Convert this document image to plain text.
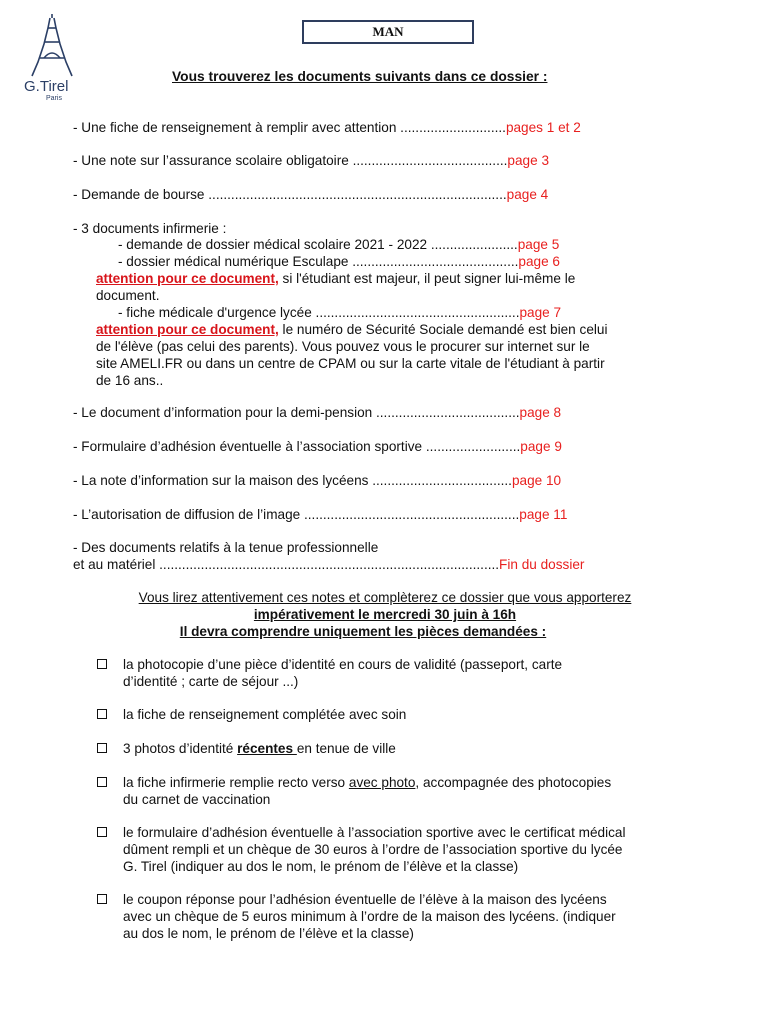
G.Tirel
Paris
MAN
Vous trouverez les documents suivants dans ce dossier :
- Une fiche de renseignement à remplir avec attention ............................pages 1 et 2
- Une note sur l’assurance scolaire obligatoire .........................................page 3
- Demande de bourse ...............................................................................page 4
- 3 documents infirmerie :
- demande de dossier médical scolaire 2021 - 2022 .......................page 5
- dossier médical numérique Esculape ............................................page 6
attention pour ce document, si l'étudiant est majeur, il peut signer lui-même le
document.
- fiche médicale d'urgence lycée ......................................................page 7
attention pour ce document, le numéro de Sécurité Sociale demandé est bien celui
de l'élève (pas celui des parents). Vous pouvez vous le procurer sur internet sur le
site AMELI.FR ou dans un centre de CPAM ou sur la carte vitale de l'étudiant à partir
de 16 ans..
- Le document d’information pour la demi-pension ......................................page 8
- Formulaire d’adhésion éventuelle à l’association sportive .........................page 9
- La note d’information sur la maison des lycéens .....................................page 10
- L’autorisation de diffusion de l’image .........................................................page 11
- Des documents relatifs à la tenue professionnelle
et au matériel ..........................................................................................Fin du dossier
Vous lirez attentivement ces notes et complèterez ce dossier que vous apporterez
impérativement le mercredi 30 juin à 16h
Il devra comprendre uniquement les pièces demandées :
la photocopie d’une pièce d’identité en cours de validité (passeport, carte
d’identité ; carte de séjour ...)
la fiche de renseignement complétée avec soin
3 photos d’identité récentes en tenue de ville
la fiche infirmerie remplie recto verso avec photo, accompagnée des photocopies
du carnet de vaccination
le formulaire d’adhésion éventuelle à l’association sportive avec le certificat médical
dûment rempli et un chèque de 30 euros à l’ordre de l’association sportive du lycée
G. Tirel (indiquer au dos le nom, le prénom de l’élève et la classe)
le coupon réponse pour l’adhésion éventuelle de l’élève à la maison des lycéens
avec un chèque de 5 euros minimum à l’ordre de la maison des lycéens. (indiquer
au dos le nom, le prénom de l’élève et la classe)
